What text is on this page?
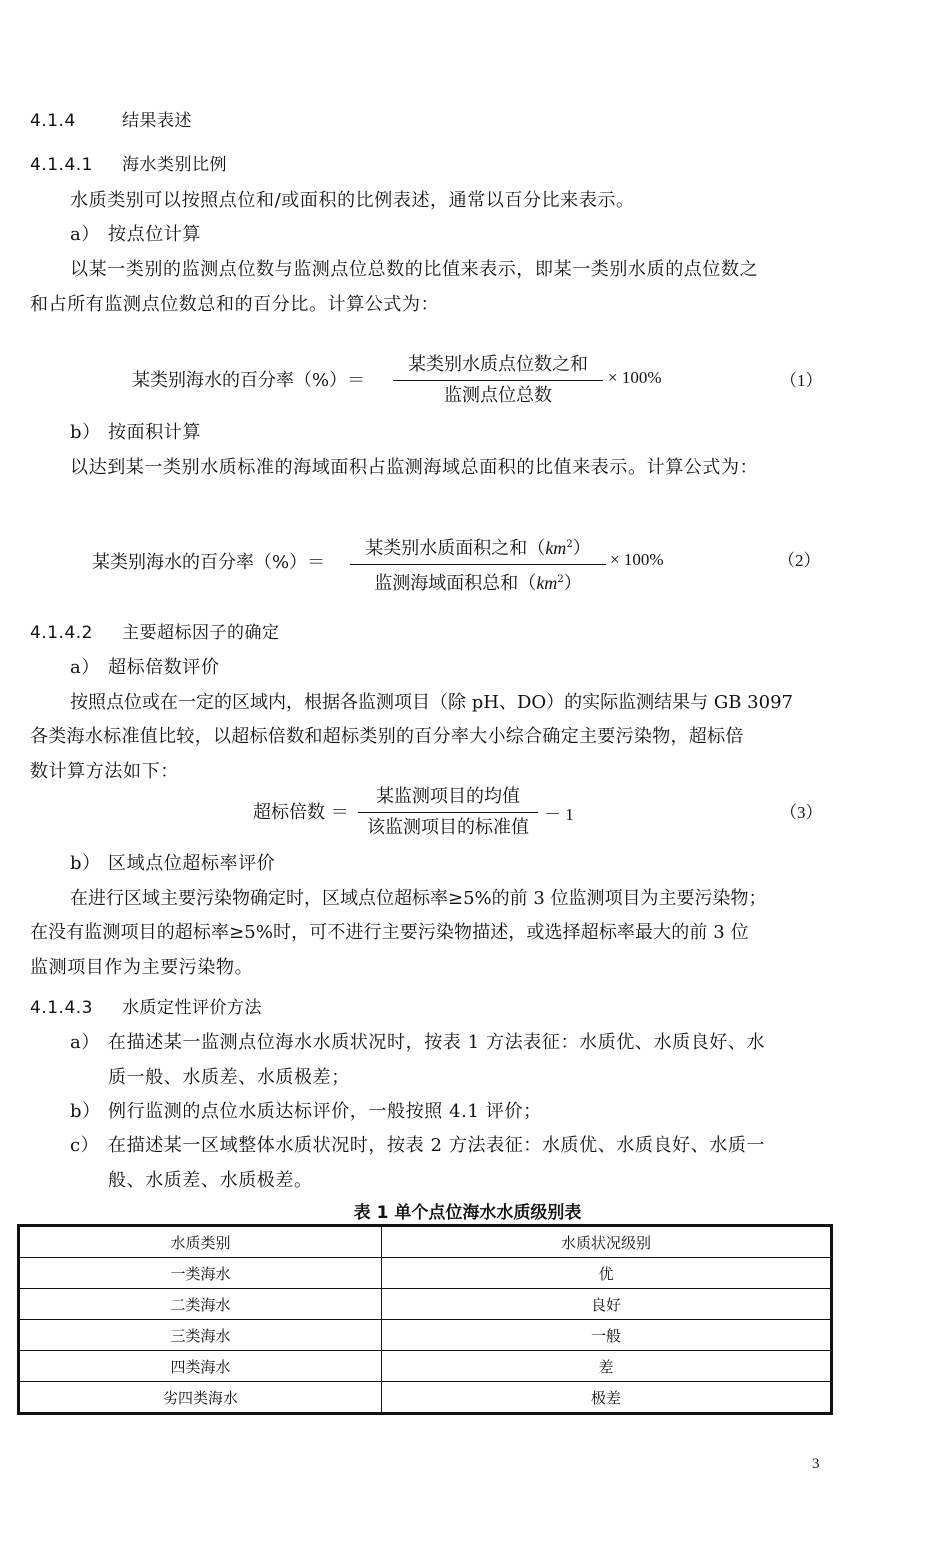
4.1.4	结果表述
4.1.4.1 海水类别比例
水质类别可以按照点位和/或面积的比例表述，通常以百分比来表示。
a） 按点位计算
以某一类别的监测点位数与监测点位总数的比值来表示，即某一类别水质的点位数之
和占所有监测点位数总和的百分比。计算公式为：
某类别海水的百分率（%）＝
某类别水质点位数之和
监测点位总数
× 100%	（1）
b） 按面积计算
以达到某一类别水质标准的海域面积占监测海域总面积的比值来表示。计算公式为：
某类别海水的百分率（%）＝
某类别水质面积之和$(km^2)$
监测海域面积总和$(km^2)$
× 100%	（2）
4.1.4.2 主要超标因子的确定
a） 超标倍数评价
按照点位或在一定的区域内，根据各监测项目（除 pH、DO）的实际监测结果与 GB 3097
各类海水标准值比较，以超标倍数和超标类别的百分率大小综合确定主要污染物，超标倍
数计算方法如下：
超标倍数 ＝
某监测项目的均值
该监测项目的标准值
－ 1	（3）
b） 区域点位超标率评价
在进行区域主要污染物确定时，区域点位超标率≥5%的前 3 位监测项目为主要污染物；
在没有监测项目的超标率≥5%时，可不进行主要污染物描述，或选择超标率最大的前 3 位
监测项目作为主要污染物。
4.1.4.3 水质定性评价方法
a） 在描述某一监测点位海水水质状况时，按表 1 方法表征：水质优、水质良好、水
质一般、水质差、水质极差；
b） 例行监测的点位水质达标评价，一般按照 4.1 评价；
c） 在描述某一区域整体水质状况时，按表 2 方法表征：水质优、水质良好、水质一
般、水质差、水质极差。
表 1 单个点位海水水质级别表
水质类别	水质状况级别
一类海水	优
二类海水	良好
三类海水	一般
四类海水	差
劣四类海水	极差
3
